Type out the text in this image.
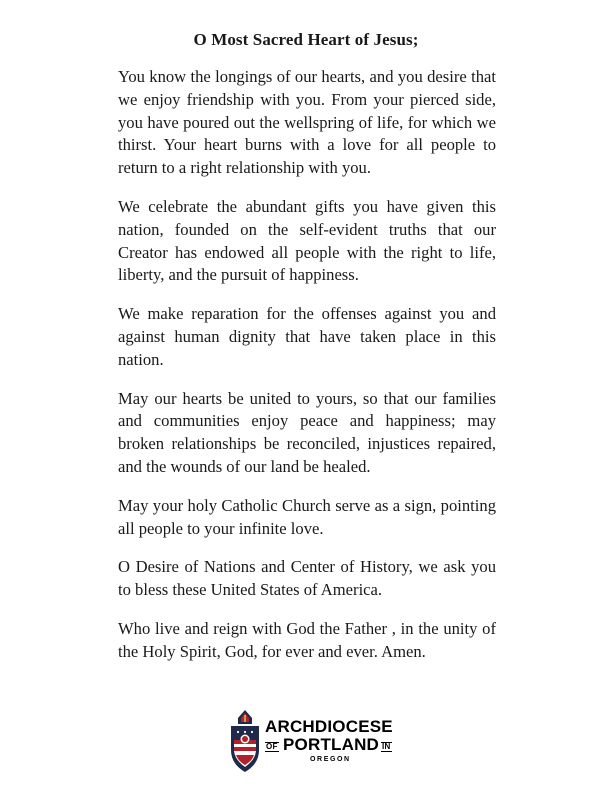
O Most Sacred Heart of Jesus;

You know the longings of our hearts, and you desire that we enjoy friendship with you. From your pierced side, you have poured out the wellspring of life, for which we thirst. Your heart burns with a love for all people to return to a right relationship with you.

We celebrate the abundant gifts you have given this nation, founded on the self-evident truths that our Creator has endowed all people with the right to life, liberty, and the pursuit of happiness.

We make reparation for the offenses against you and against human dignity that have taken place in this nation.

May our hearts be united to yours, so that our families and communities enjoy peace and happiness; may broken relationships be reconciled, injustices repaired, and the wounds of our land be healed.

May your holy Catholic Church serve as a sign, pointing all people to your infinite love.

O Desire of Nations and Center of History, we ask you to bless these United States of America.

Who live and reign with God the Father , in the unity of the Holy Spirit, God, for ever and ever. Amen.

ARCHDIOCESE
OF PORTLAND IN
OREGON
